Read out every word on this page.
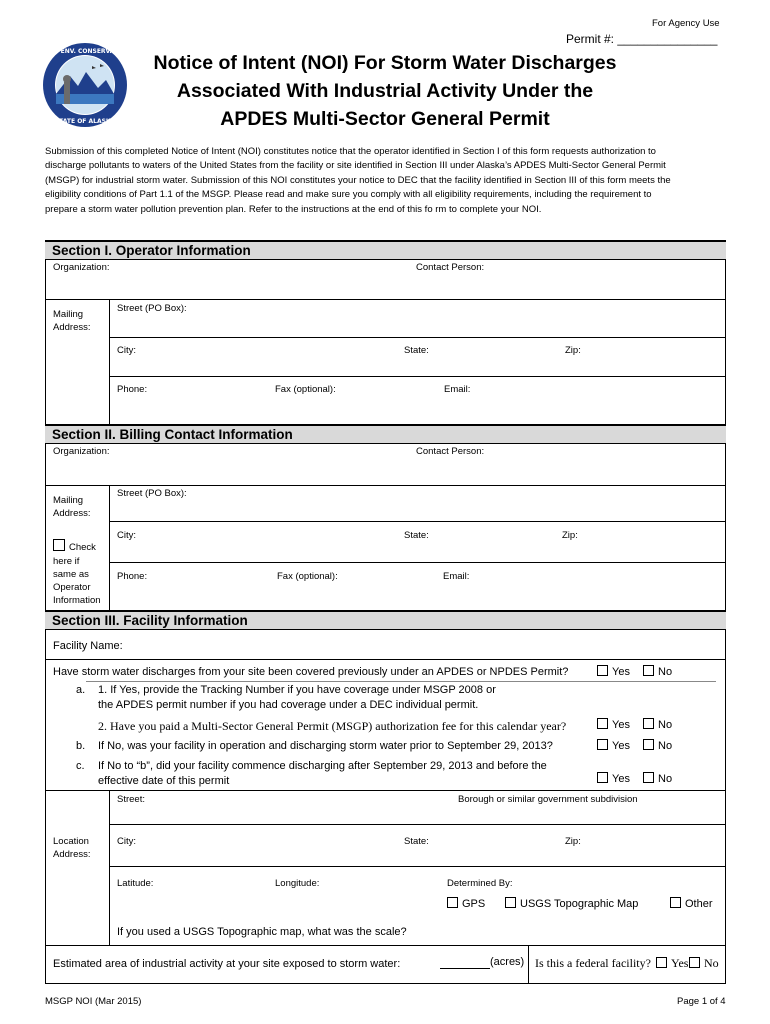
For Agency Use
Permit #: _______________
DEPT. ENV. CONSERVATION
STATE OF ALASKA
Notice of Intent (NOI) For Storm Water Discharges
Associated With Industrial Activity Under the
APDES Multi-Sector General Permit
Submission of this completed Notice of Intent (NOI) constitutes notice that the operator identified in Section I of this form requests authorization to
discharge pollutants to waters of the United States from the facility or site identified in Section III under Alaska’s APDES Multi-Sector General Permit
(MSGP) for industrial storm water. Submission of this NOI constitutes your notice to DEC that the facility identified in Section III of this form meets the
eligibility conditions of Part 1.1 of the MSGP. Please read and make sure you comply with all eligibility requirements, including the requirement to
prepare a storm water pollution prevention plan. Refer to the instructions at the end of this fo rm to complete your NOI.
Section I. Operator Information
Organization:	Contact Person:
Mailing
Address:
Street (PO Box):
City:	State:	Zip:
Phone:	Fax (optional):	Email:
Section II. Billing Contact Information
Organization:	Contact Person:
Mailing
Address:
Check
here if
same as
Operator
Information
Street (PO Box):
City:	State:	Zip:
Phone:	Fax (optional):	Email:
Section III. Facility Information
Facility Name:
Have storm water discharges from your site been covered previously under an APDES or NPDES Permit?	Yes	No
a. 1. If Yes, provide the Tracking Number if you have coverage under MSGP 2008 or
the APDES permit number if you had coverage under a DEC individual permit.
2. Have you paid a Multi-Sector General Permit (MSGP) authorization fee for this calendar year?	Yes	No
b. If No, was your facility in operation and discharging storm water prior to September 29, 2013?	Yes	No
c. If No to “b”, did your facility commence discharging after September 29, 2013 and before the
effective date of this permit	Yes	No
Location
Address:
Street:	Borough or similar government subdivision
City:	State:	Zip:
Latitude:	Longitude:	Determined By:
GPS	USGS Topographic Map	Other
If you used a USGS Topographic map, what was the scale?
Estimated area of industrial activity at your site exposed to storm water:	(acres) Is this a federal facility?	Yes	No
MSGP NOI (Mar 2015)	Page 1 of 4
